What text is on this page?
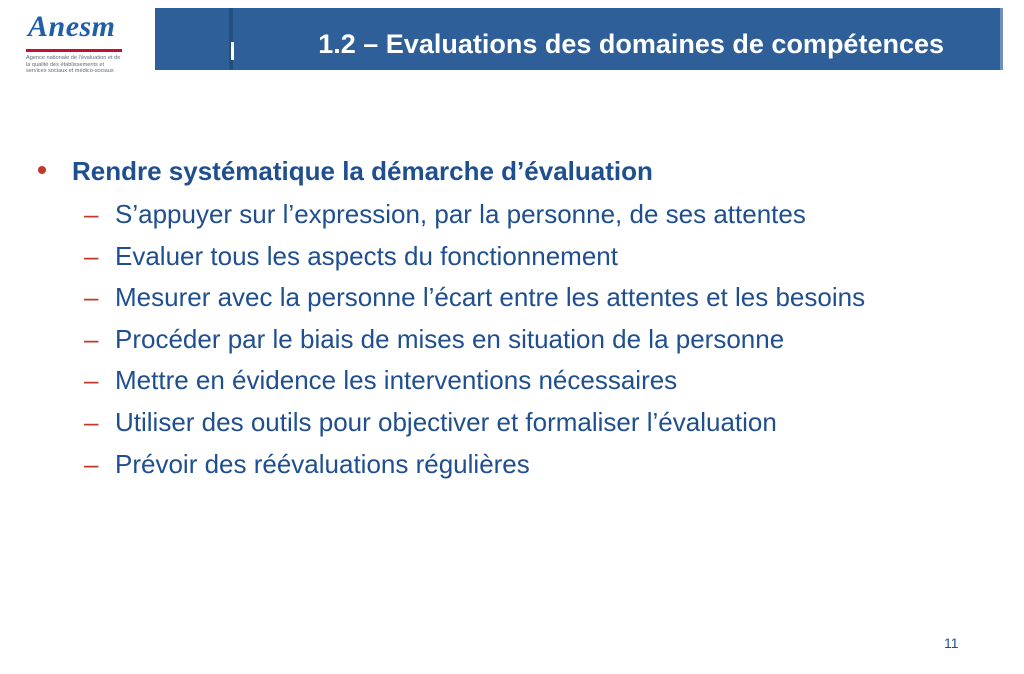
Anesm
Agence nationale de l'évaluation et de la qualité des établissements et services sociaux et médico-sociaux
1.2 – Evaluations des domaines de compétences
Rendre systématique la démarche d’évaluation
– S’appuyer sur l’expression, par la personne, de ses attentes
– Evaluer tous les aspects du fonctionnement
– Mesurer avec la personne l’écart entre les attentes et les besoins
– Procéder par le biais de mises en situation de la personne
– Mettre en évidence les interventions nécessaires
– Utiliser des outils pour objectiver et formaliser l’évaluation
– Prévoir des réévaluations régulières
11
